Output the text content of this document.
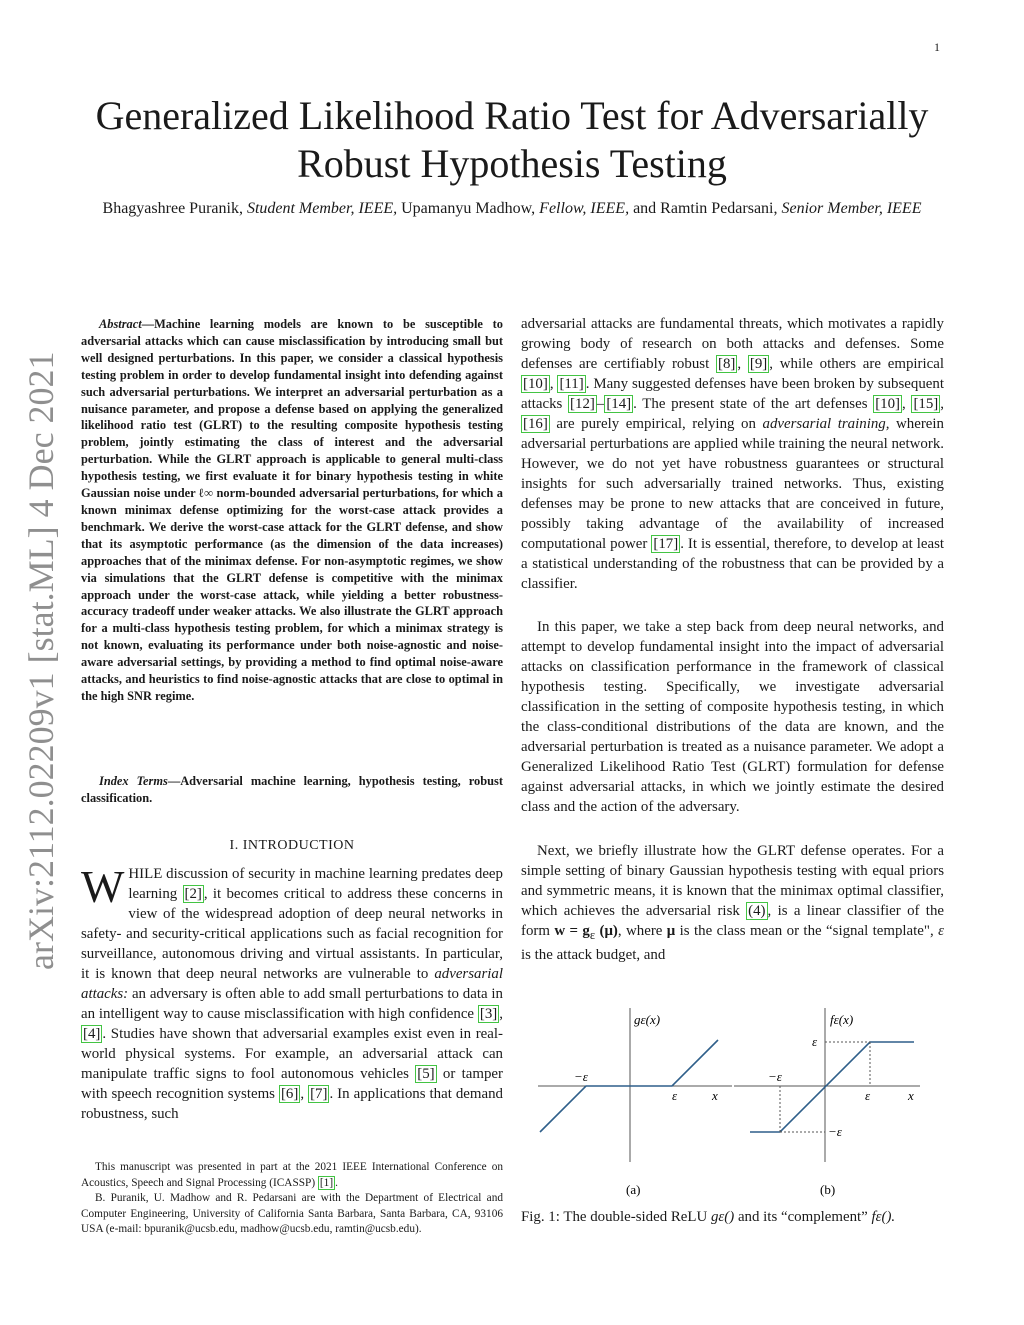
1
arXiv:2112.02209v1 [stat.ML] 4 Dec 2021
Generalized Likelihood Ratio Test for Adversarially Robust Hypothesis Testing
Bhagyashree Puranik, Student Member, IEEE, Upamanyu Madhow, Fellow, IEEE, and Ramtin Pedarsani, Senior Member, IEEE
Abstract—Machine learning models are known to be susceptible to adversarial attacks which can cause misclassification by introducing small but well designed perturbations. In this paper, we consider a classical hypothesis testing problem in order to develop fundamental insight into defending against such adversarial perturbations. We interpret an adversarial perturbation as a nuisance parameter, and propose a defense based on applying the generalized likelihood ratio test (GLRT) to the resulting composite hypothesis testing problem, jointly estimating the class of interest and the adversarial perturbation. While the GLRT approach is applicable to general multi-class hypothesis testing, we first evaluate it for binary hypothesis testing in white Gaussian noise under ℓ∞ norm-bounded adversarial perturbations, for which a known minimax defense optimizing for the worst-case attack provides a benchmark. We derive the worst-case attack for the GLRT defense, and show that its asymptotic performance (as the dimension of the data increases) approaches that of the minimax defense. For non-asymptotic regimes, we show via simulations that the GLRT defense is competitive with the minimax approach under the worst-case attack, while yielding a better robustness-accuracy tradeoff under weaker attacks. We also illustrate the GLRT approach for a multi-class hypothesis testing problem, for which a minimax strategy is not known, evaluating its performance under both noise-agnostic and noise-aware adversarial settings, by providing a method to find optimal noise-aware attacks, and heuristics to find noise-agnostic attacks that are close to optimal in the high SNR regime.
Index Terms—Adversarial machine learning, hypothesis testing, robust classification.
I. INTRODUCTION
WHILE discussion of security in machine learning predates deep learning [2] , it becomes critical to address these concerns in view of the widespread adoption of deep neural networks in safety- and security-critical applications such as facial recognition for surveillance, autonomous driving and virtual assistants. In particular, it is known that deep neural networks are vulnerable to adversarial attacks: an adversary is often able to add small perturbations to data in an intelligent way to cause misclassification with high confidence [3] , [4] . Studies have shown that adversarial examples exist even in real-world physical systems. For example, an adversarial attack can manipulate traffic signs to fool autonomous vehicles [5] or tamper with speech recognition systems [6] , [7] . In applications that demand robustness, such
This manuscript was presented in part at the 2021 IEEE International Conference on Acoustics, Speech and Signal Processing (ICASSP) [1] .
B. Puranik, U. Madhow and R. Pedarsani are with the Department of Electrical and Computer Engineering, University of California Santa Barbara, Santa Barbara, CA, 93106 USA (e-mail: bpuranik@ucsb.edu, madhow@ucsb.edu, ramtin@ucsb.edu).
adversarial attacks are fundamental threats, which motivates a rapidly growing body of research on both attacks and defenses. Some defenses are certifiably robust [8] , [9] , while others are empirical [10] , [11] . Many suggested defenses have been broken by subsequent attacks [12] – [14] . The present state of the art defenses [10] , [15] , [16] are purely empirical, relying on adversarial training, wherein adversarial perturbations are applied while training the neural network. However, we do not yet have robustness guarantees or structural insights for such adversarially trained networks. Thus, existing defenses may be prone to new attacks that are conceived in future, possibly taking advantage of the availability of increased computational power [17] . It is essential, therefore, to develop at least a statistical understanding of the robustness that can be provided by a classifier.
In this paper, we take a step back from deep neural networks, and attempt to develop fundamental insight into the impact of adversarial attacks on classification performance in the framework of classical hypothesis testing. Specifically, we investigate adversarial classification in the setting of composite hypothesis testing, in which the class-conditional distributions of the data are known, and the adversarial perturbation is treated as a nuisance parameter. We adopt a Generalized Likelihood Ratio Test (GLRT) formulation for defense against adversarial attacks, in which we jointly estimate the desired class and the action of the adversary.
Next, we briefly illustrate how the GLRT defense operates. For a simple setting of binary Gaussian hypothesis testing with equal priors and symmetric means, it is known that the minimax optimal classifier, which achieves the adversarial risk (4) , is a linear classifier of the form $w = g_\varepsilon$ (μ), where μ is the class mean or the “signal template", ε is the attack budget, and
gε(x)
x
−ε
ε
(a)
fε(x)
x
−ε
ε
ε
−ε
(b)
Fig. 1: The double-sided ReLU gε() and its “complement” fε().
